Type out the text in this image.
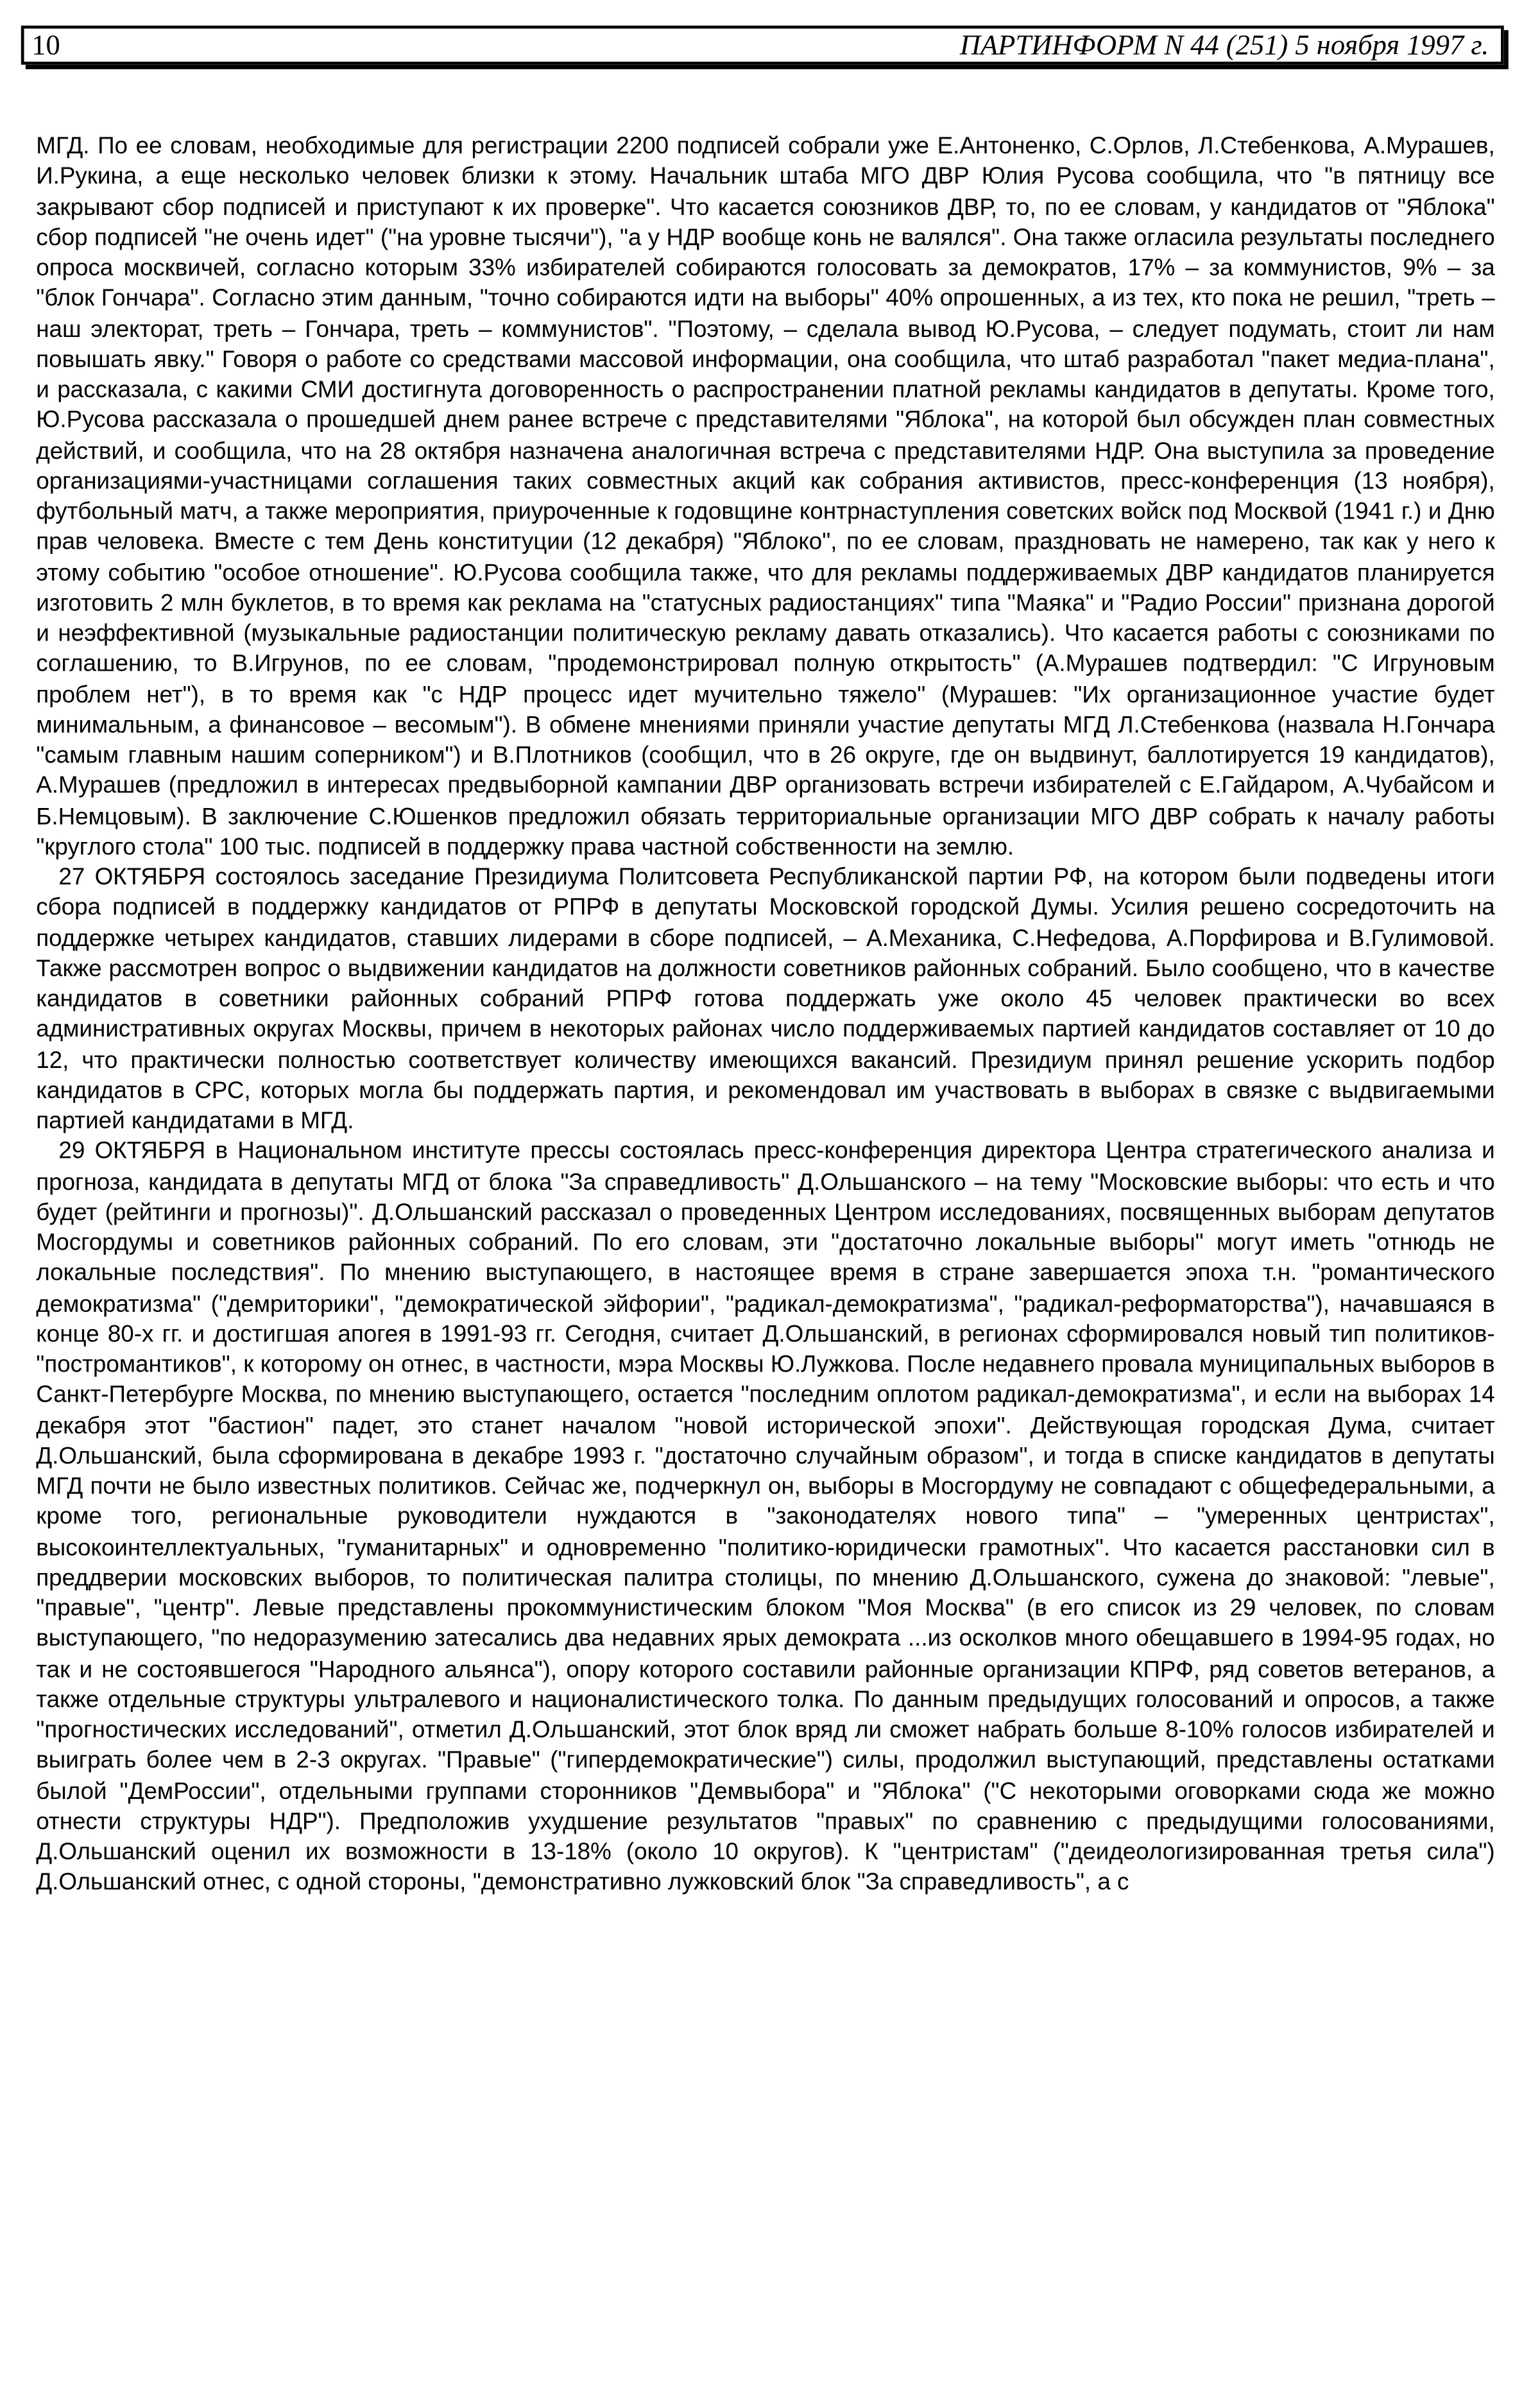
10	ПАРТИНФОРМ N 44 (251) 5 ноября 1997 г.

МГД. По ее словам, необходимые для регистрации 2200 подписей собрали уже Е.Антоненко, С.Орлов, Л.Стебенкова, А.Мурашев, И.Рукина, а еще несколько человек близки к этому. Начальник штаба МГО ДВР Юлия Русова сообщила, что "в пятницу все закрывают сбор подписей и приступают к их проверке". Что касается союзников ДВР, то, по ее словам, у кандидатов от "Яблока" сбор подписей "не очень идет" ("на уровне тысячи"), "а у НДР вообще конь не валялся". Она также огласила результаты последнего опроса москвичей, согласно которым 33% избирателей собираются голосовать за демократов, 17% – за коммунистов, 9% – за "блок Гончара". Согласно этим данным, "точно собираются идти на выборы" 40% опрошенных, а из тех, кто пока не решил, "треть – наш электорат, треть – Гончара, треть – коммунистов". "Поэтому, – сделала вывод Ю.Русова, – следует подумать, стоит ли нам повышать явку." Говоря о работе со средствами массовой информации, она сообщила, что штаб разработал "пакет медиа-плана", и рассказала, с какими СМИ достигнута договоренность о распространении платной рекламы кандидатов в депутаты. Кроме того, Ю.Русова рассказала о прошедшей днем ранее встрече с представителями "Яблока", на которой был обсужден план совместных действий, и сообщила, что на 28 октября назначена аналогичная встреча с представителями НДР. Она выступила за проведение организациями-участницами соглашения таких совместных акций как собрания активистов, пресс-конференция (13 ноября), футбольный матч, а также мероприятия, приуроченные к годовщине контрнаступления советских войск под Москвой (1941 г.) и Дню прав человека. Вместе с тем День конституции (12 декабря) "Яблоко", по ее словам, праздновать не намерено, так как у него к этому событию "особое отношение". Ю.Русова сообщила также, что для рекламы поддерживаемых ДВР кандидатов планируется изготовить 2 млн буклетов, в то время как реклама на "статусных радиостанциях" типа "Маяка" и "Радио России" признана дорогой и неэффективной (музыкальные радиостанции политическую рекламу давать отказались). Что касается работы с союзниками по соглашению, то В.Игрунов, по ее словам, "продемонстрировал полную открытость" (А.Мурашев подтвердил: "С Игруновым проблем нет"), в то время как "с НДР процесс идет мучительно тяжело" (Мурашев: "Их организационное участие будет минимальным, а финансовое – весомым"). В обмене мнениями приняли участие депутаты МГД Л.Стебенкова (назвала Н.Гончара "самым главным нашим соперником") и В.Плотников (сообщил, что в 26 округе, где он выдвинут, баллотируется 19 кандидатов), А.Мурашев (предложил в интересах предвыборной кампании ДВР организовать встречи избирателей с Е.Гайдаром, А.Чубайсом и Б.Немцовым). В заключение С.Юшенков предложил обязать территориальные организации МГО ДВР собрать к началу работы "круглого стола" 100 тыс. подписей в поддержку права частной собственности на землю.

27 ОКТЯБРЯ состоялось заседание Президиума Политсовета Республиканской партии РФ, на котором были подведены итоги сбора подписей в поддержку кандидатов от РПРФ в депутаты Московской городской Думы. Усилия решено сосредоточить на поддержке четырех кандидатов, ставших лидерами в сборе подписей, – А.Механика, С.Нефедова, А.Порфирова и В.Гулимовой. Также рассмотрен вопрос о выдвижении кандидатов на должности советников районных собраний. Было сообщено, что в качестве кандидатов в советники районных собраний РПРФ готова поддержать уже около 45 человек практически во всех административных округах Москвы, причем в некоторых районах число поддерживаемых партией кандидатов составляет от 10 до 12, что практически полностью соответствует количеству имеющихся вакансий. Президиум принял решение ускорить подбор кандидатов в СРС, которых могла бы поддержать партия, и рекомендовал им участвовать в выборах в связке с выдвигаемыми партией кандидатами в МГД.

29 ОКТЯБРЯ в Национальном институте прессы состоялась пресс-конференция директора Центра стратегического анализа и прогноза, кандидата в депутаты МГД от блока "За справедливость" Д.Ольшанского – на тему "Московские выборы: что есть и что будет (рейтинги и прогнозы)". Д.Ольшанский рассказал о проведенных Центром исследованиях, посвященных выборам депутатов Мосгордумы и советников районных собраний. По его словам, эти "достаточно локальные выборы" могут иметь "отнюдь не локальные последствия". По мнению выступающего, в настоящее время в стране завершается эпоха т.н. "романтического демократизма" ("демриторики", "демократической эйфории", "радикал-демократизма", "радикал-реформаторства"), начавшаяся в конце 80-х гг. и достигшая апогея в 1991-93 гг. Сегодня, считает Д.Ольшанский, в регионах сформировался новый тип политиков-"постромантиков", к которому он отнес, в частности, мэра Москвы Ю.Лужкова. После недавнего провала муниципальных выборов в Санкт-Петербурге Москва, по мнению выступающего, остается "последним оплотом радикал-демократизма", и если на выборах 14 декабря этот "бастион" падет, это станет началом "новой исторической эпохи". Действующая городская Дума, считает Д.Ольшанский, была сформирована в декабре 1993 г. "достаточно случайным образом", и тогда в списке кандидатов в депутаты МГД почти не было известных политиков. Сейчас же, подчеркнул он, выборы в Мосгордуму не совпадают с общефедеральными, а кроме того, региональные руководители нуждаются в "законодателях нового типа" – "умеренных центристах", высокоинтеллектуальных, "гуманитарных" и одновременно "политико-юридически грамотных". Что касается расстановки сил в преддверии московских выборов, то политическая палитра столицы, по мнению Д.Ольшанского, сужена до знаковой: "левые", "правые", "центр". Левые представлены прокоммунистическим блоком "Моя Москва" (в его список из 29 человек, по словам выступающего, "по недоразумению затесались два недавних ярых демократа ...из осколков много обещавшего в 1994-95 годах, но так и не состоявшегося "Народного альянса"), опору которого составили районные организации КПРФ, ряд советов ветеранов, а также отдельные структуры ультралевого и националистического толка. По данным предыдущих голосований и опросов, а также "прогностических исследований", отметил Д.Ольшанский, этот блок вряд ли сможет набрать больше 8-10% голосов избирателей и выиграть более чем в 2-3 округах. "Правые" ("гипердемократические") силы, продолжил выступающий, представлены остатками былой "ДемРоссии", отдельными группами сторонников "Демвыбора" и "Яблока" ("С некоторыми оговорками сюда же можно отнести структуры НДР"). Предположив ухудшение результатов "правых" по сравнению с предыдущими голосованиями, Д.Ольшанский оценил их возможности в 13-18% (около 10 округов). К "центристам" ("деидеологизированная третья сила") Д.Ольшанский отнес, с одной стороны, "демонстративно лужковский блок "За справедливость", а с
